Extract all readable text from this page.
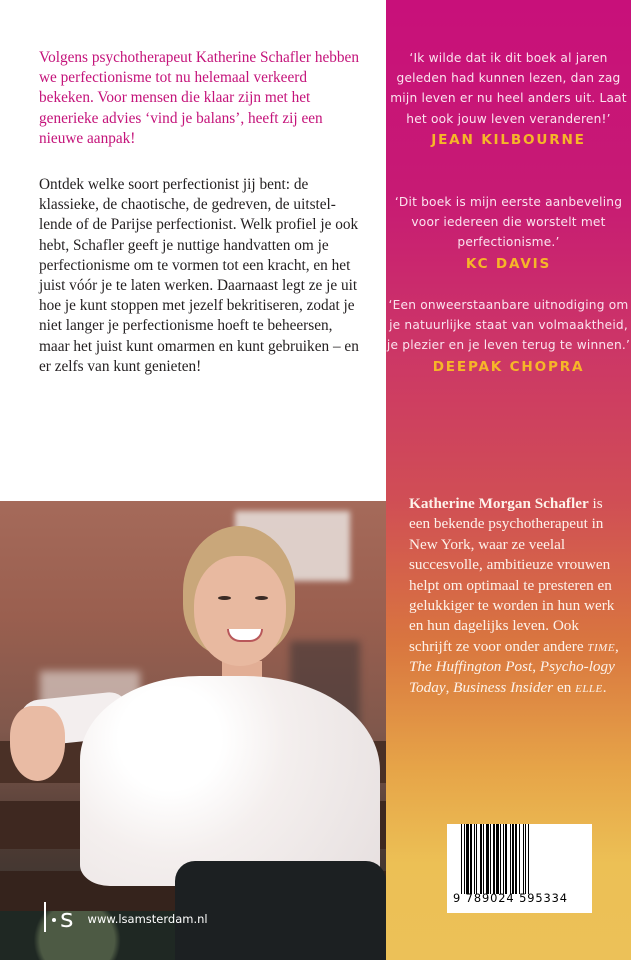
Volgens psychotherapeut Katherine Schafler hebben we perfectionisme tot nu helemaal verkeerd bekeken. Voor mensen die klaar zijn met het generieke advies ‘vind je balans’, heeft zij een nieuwe aanpak!

Ontdek welke soort perfectionist jij bent: de klassieke, de chaotische, de gedreven, de uitstel-lende of de Parijse perfectionist. Welk profiel je ook hebt, Schafler geeft je nuttige handvatten om je perfectionisme om te vormen tot een kracht, en het juist vóór je te laten werken. Daarnaast legt ze je uit hoe je kunt stoppen met jezelf bekritiseren, zodat je niet langer je perfectionisme hoeft te beheersen, maar het juist kunt omarmen en kunt gebruiken – en er zelfs van kunt genieten!

s www.lsamsterdam.nl
‘Ik wilde dat ik dit boek al jaren geleden had kunnen lezen, dan zag mijn leven er nu heel anders uit. Laat het ook jouw leven veranderen!’
JEAN KILBOURNE
‘Dit boek is mijn eerste aanbeveling voor iedereen die worstelt met perfectionisme.’
KC DAVIS
‘Een onweerstaanbare uitnodiging om je natuurlijke staat van volmaaktheid, je plezier en je leven terug te winnen.’
DEEPAK CHOPRA

Katherine Morgan Schafler is een bekende psychotherapeut in New York, waar ze veelal succesvolle, ambitieuze vrouwen helpt om optimaal te presteren en gelukkiger te worden in hun werk en hun dagelijks leven. Ook schrijft ze voor onder andere time, The Huffington Post, Psycho-logy Today, Business Insider en elle.

9 789024 595334
